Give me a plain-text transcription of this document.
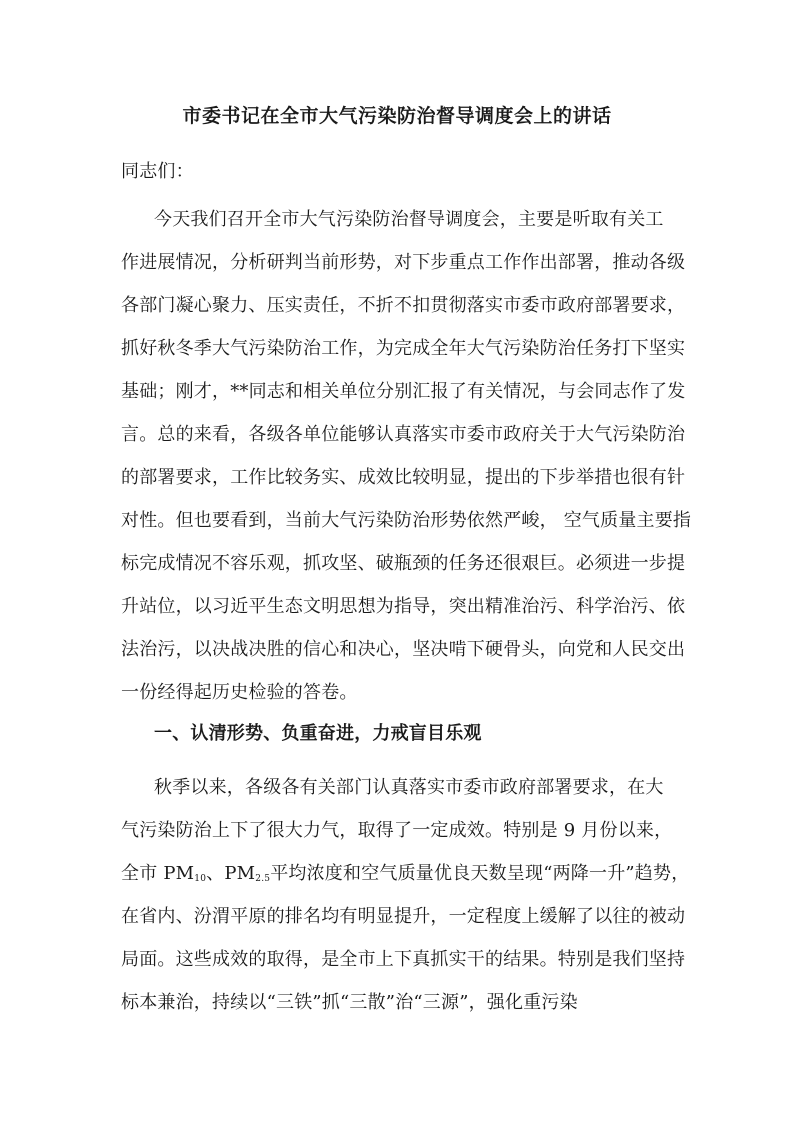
市委书记在全市大气污染防治督导调度会上的讲话
同志们：
今天我们召开全市大气污染防治督导调度会，主要是听取有关工
作进展情况，分析研判当前形势，对下步重点工作作出部署，推动各级
各部门凝心聚力、压实责任，不折不扣贯彻落实市委市政府部署要求，
抓好秋冬季大气污染防治工作，为完成全年大气污染防治任务打下坚实
基础；刚才，**同志和相关单位分别汇报了有关情况，与会同志作了发
言。总的来看，各级各单位能够认真落实市委市政府关于大气污染防治
的部署要求，工作比较务实、成效比较明显，提出的下步举措也很有针
对性。但也要看到，当前大气污染防治形势依然严峻， 空气质量主要指
标完成情况不容乐观，抓攻坚、破瓶颈的任务还很艰巨。必须进一步提
升站位，以习近平生态文明思想为指导，突出精准治污、科学治污、依
法治污，以决战决胜的信心和决心，坚决啃下硬骨头，向党和人民交出
一份经得起历史检验的答卷。
一、认清形势、负重奋进，力戒盲目乐观
秋季以来，各级各有关部门认真落实市委市政府部署要求，在大
气污染防治上下了很大力气，取得了一定成效。特别是 9 月份以来，
全市 $PM_{10}$、$PM_{2.5}$平均浓度和空气质量优良天数呈现“两降一升”趋势，
在省内、汾渭平原的排名均有明显提升，一定程度上缓解了以往的被动
局面。这些成效的取得，是全市上下真抓实干的结果。特别是我们坚持
标本兼治，持续以“三铁”抓“三散”治“三源”，强化重污染
